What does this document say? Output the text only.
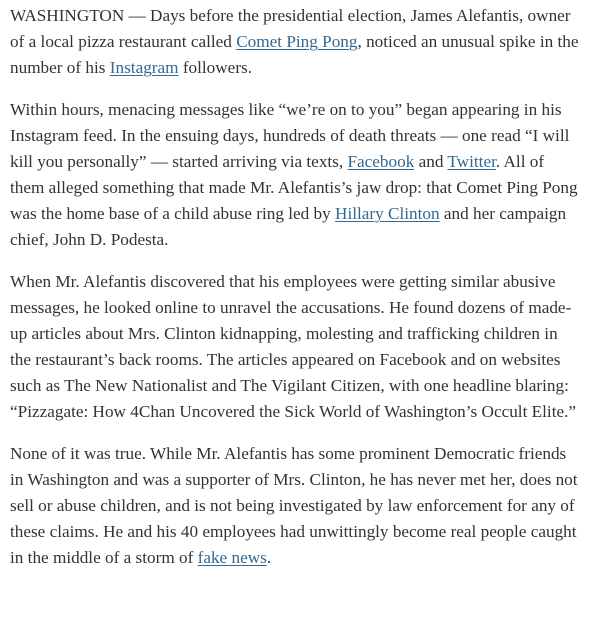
WASHINGTON — Days before the presidential election, James Alefantis, owner of a local pizza restaurant called Comet Ping Pong, noticed an unusual spike in the number of his Instagram followers.

Within hours, menacing messages like “we’re on to you” began appearing in his Instagram feed. In the ensuing days, hundreds of death threats — one read “I will kill you personally” — started arriving via texts, Facebook and Twitter. All of them alleged something that made Mr. Alefantis’s jaw drop: that Comet Ping Pong was the home base of a child abuse ring led by Hillary Clinton and her campaign chief, John D. Podesta.

When Mr. Alefantis discovered that his employees were getting similar abusive messages, he looked online to unravel the accusations. He found dozens of made-up articles about Mrs. Clinton kidnapping, molesting and trafficking children in the restaurant’s back rooms. The articles appeared on Facebook and on websites such as The New Nationalist and The Vigilant Citizen, with one headline blaring: “Pizzagate: How 4Chan Uncovered the Sick World of Washington’s Occult Elite.”

None of it was true. While Mr. Alefantis has some prominent Democratic friends in Washington and was a supporter of Mrs. Clinton, he has never met her, does not sell or abuse children, and is not being investigated by law enforcement for any of these claims. He and his 40 employees had unwittingly become real people caught in the middle of a storm of fake news.
